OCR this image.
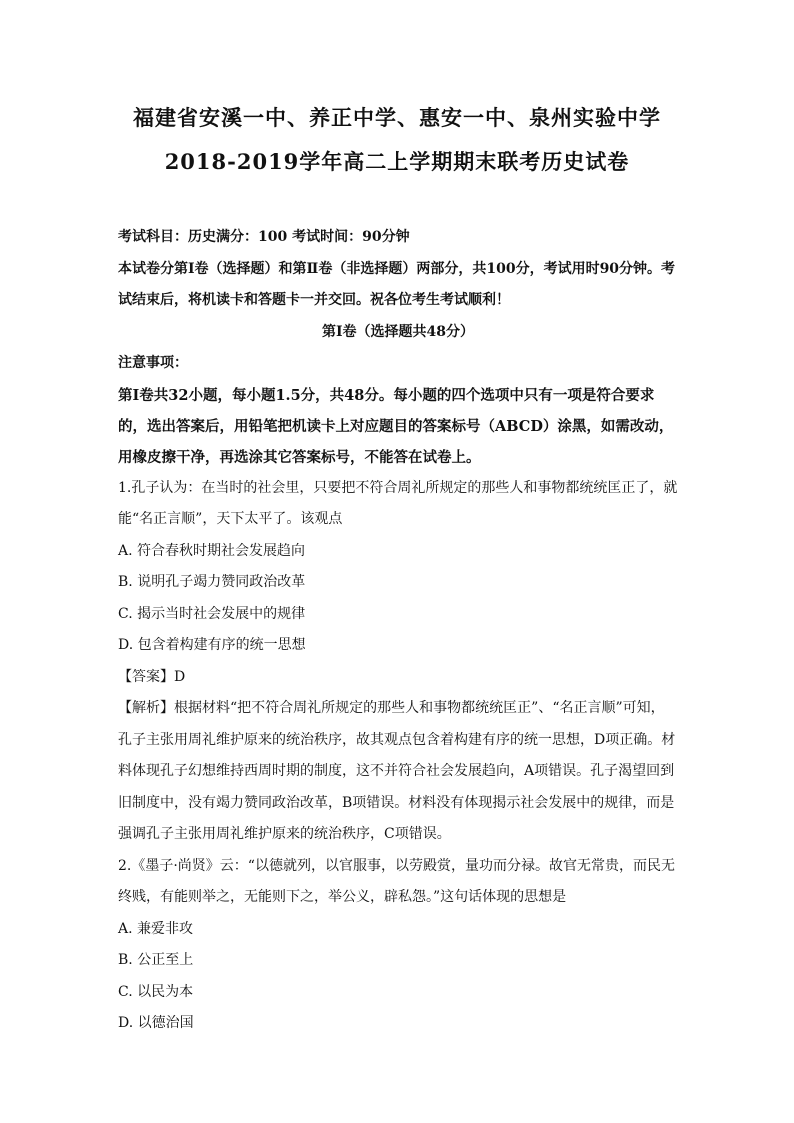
福建省安溪一中、养正中学、惠安一中、泉州实验中学
2018-2019学年高二上学期期末联考历史试卷

考试科目：历史满分：100 考试时间：90分钟

本试卷分第Ⅰ卷（选择题）和第Ⅱ卷（非选择题）两部分，共100分，考试用时90分钟。考试结束后，将机读卡和答题卡一并交回。祝各位考生考试顺利！

第Ⅰ卷（选择题共48分）

注意事项：

第Ⅰ卷共32小题，每小题1.5分，共48分。每小题的四个选项中只有一项是符合要求的，选出答案后，用铅笔把机读卡上对应题目的答案标号（ABCD）涂黑，如需改动，用橡皮擦干净，再选涂其它答案标号，不能答在试卷上。

1.孔子认为：在当时的社会里，只要把不符合周礼所规定的那些人和事物都统统匡正了，就能“名正言顺”，天下太平了。该观点

A. 符合春秋时期社会发展趋向

B. 说明孔子竭力赞同政治改革

C. 揭示当时社会发展中的规律

D. 包含着构建有序的统一思想

【答案】D

【解析】根据材料“把不符合周礼所规定的那些人和事物都统统匡正”、“名正言顺”可知，孔子主张用周礼维护原来的统治秩序，故其观点包含着构建有序的统一思想，D项正确。材料体现孔子幻想维持西周时期的制度，这不并符合社会发展趋向，A项错误。孔子渴望回到旧制度中，没有竭力赞同政治改革，B项错误。材料没有体现揭示社会发展中的规律，而是强调孔子主张用周礼维护原来的统治秩序，C项错误。

2.《墨子·尚贤》云：“以德就列，以官服事，以劳殿赏，量功而分禄。故官无常贵，而民无终贱，有能则举之，无能则下之，举公义，辟私怨。”这句话体现的思想是

A. 兼爱非攻

B. 公正至上

C. 以民为本

D. 以德治国
